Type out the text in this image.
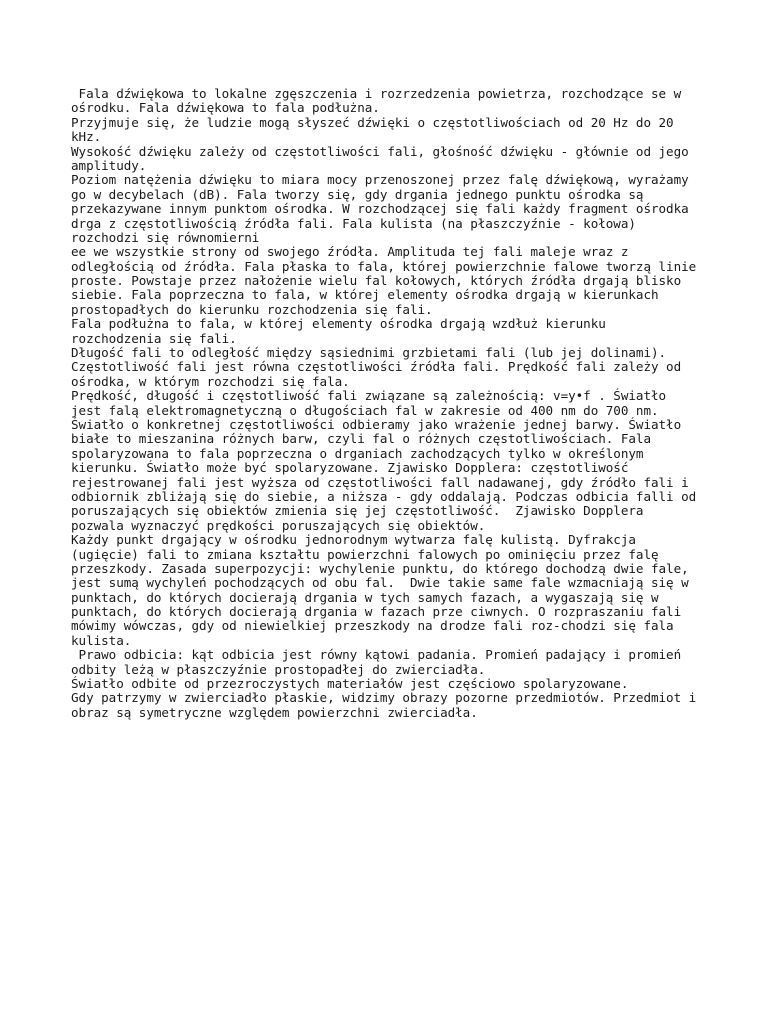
Fala dźwiękowa to lokalne zgęszczenia i rozrzedzenia powietrza, rozchodzące se w
ośrodku. Fala dźwiękowa to fala podłużna.
Przyjmuje się, że ludzie mogą słyszeć dźwięki o częstotliwościach od 20 Hz do 20
kHz.
Wysokość dźwięku zależy od częstotliwości fali, głośność dźwięku - głównie od jego
amplitudy.
Poziom natężenia dźwięku to miara mocy przenoszonej przez falę dźwiękową, wyrażamy
go w decybelach (dB). Fala tworzy się, gdy drgania jednego punktu ośrodka są
przekazywane innym punktom ośrodka. W rozchodzącej się fali każdy fragment ośrodka
drga z częstotliwością źródła fali. Fala kulista (na płaszczyźnie - kołowa)
rozchodzi się równomierni
ee we wszystkie strony od swojego źródła. Amplituda tej fali maleje wraz z
odległością od źródła. Fala płaska to fala, której powierzchnie falowe tworzą linie
proste. Powstaje przez nałożenie wielu fal kołowych, których źródła drgają blisko
siebie. Fala poprzeczna to fala, w której elementy ośrodka drgają w kierunkach
prostopadłych do kierunku rozchodzenia się fali.
Fala podłużna to fala, w której elementy ośrodka drgają wzdłuż kierunku
rozchodzenia się fali.
Długość fali to odległość między sąsiednimi grzbietami fali (lub jej dolinami).
Częstotliwość fali jest równa częstotliwości źródła fali. Prędkość fali zależy od
ośrodka, w którym rozchodzi się fala.
Prędkość, długość i częstotliwość fali związane są zależnością: v=y•f . Światło
jest falą elektromagnetyczną o długościach fal w zakresie od 400 nm do 700 nm.
Światło o konkretnej częstotliwości odbieramy jako wrażenie jednej barwy. Światło
białe to mieszanina różnych barw, czyli fal o różnych częstotliwościach. Fala
spolaryzowana to fala poprzeczna o drganiach zachodzących tylko w określonym
kierunku. Światło może być spolaryzowane. Zjawisko Dopplera: częstotliwość
rejestrowanej fali jest wyższa od częstotliwości fall nadawanej, gdy źródło fali i
odbiornik zbliżają się do siebie, a niższa - gdy oddalają. Podczas odbicia falli od
poruszających się obiektów zmienia się jej częstotliwość.  Zjawisko Dopplera
pozwala wyznaczyć prędkości poruszających się obiektów.
Każdy punkt drgający w ośrodku jednorodnym wytwarza falę kulistą. Dyfrakcja
(ugięcie) fali to zmiana kształtu powierzchni falowych po ominięciu przez falę
przeszkody. Zasada superpozycji: wychylenie punktu, do którego dochodzą dwie fale,
jest sumą wychyleń pochodzących od obu fal.  Dwie takie same fale wzmacniają się w
punktach, do których docierają drgania w tych samych fazach, a wygaszają się w
punktach, do których docierają drgania w fazach prze ciwnych. O rozpraszaniu fali
mówimy wówczas, gdy od niewielkiej przeszkody na drodze fali roz-chodzi się fala
kulista.
Prawo odbicia: kąt odbicia jest równy kątowi padania. Promień padający i promień
odbity leżą w płaszczyźnie prostopadłej do zwierciadła.
Światło odbite od przezroczystych materiałów jest częściowo spolaryzowane.
Gdy patrzymy w zwierciadło płaskie, widzimy obrazy pozorne przedmiotów. Przedmiot i
obraz są symetryczne względem powierzchni zwierciadła.
